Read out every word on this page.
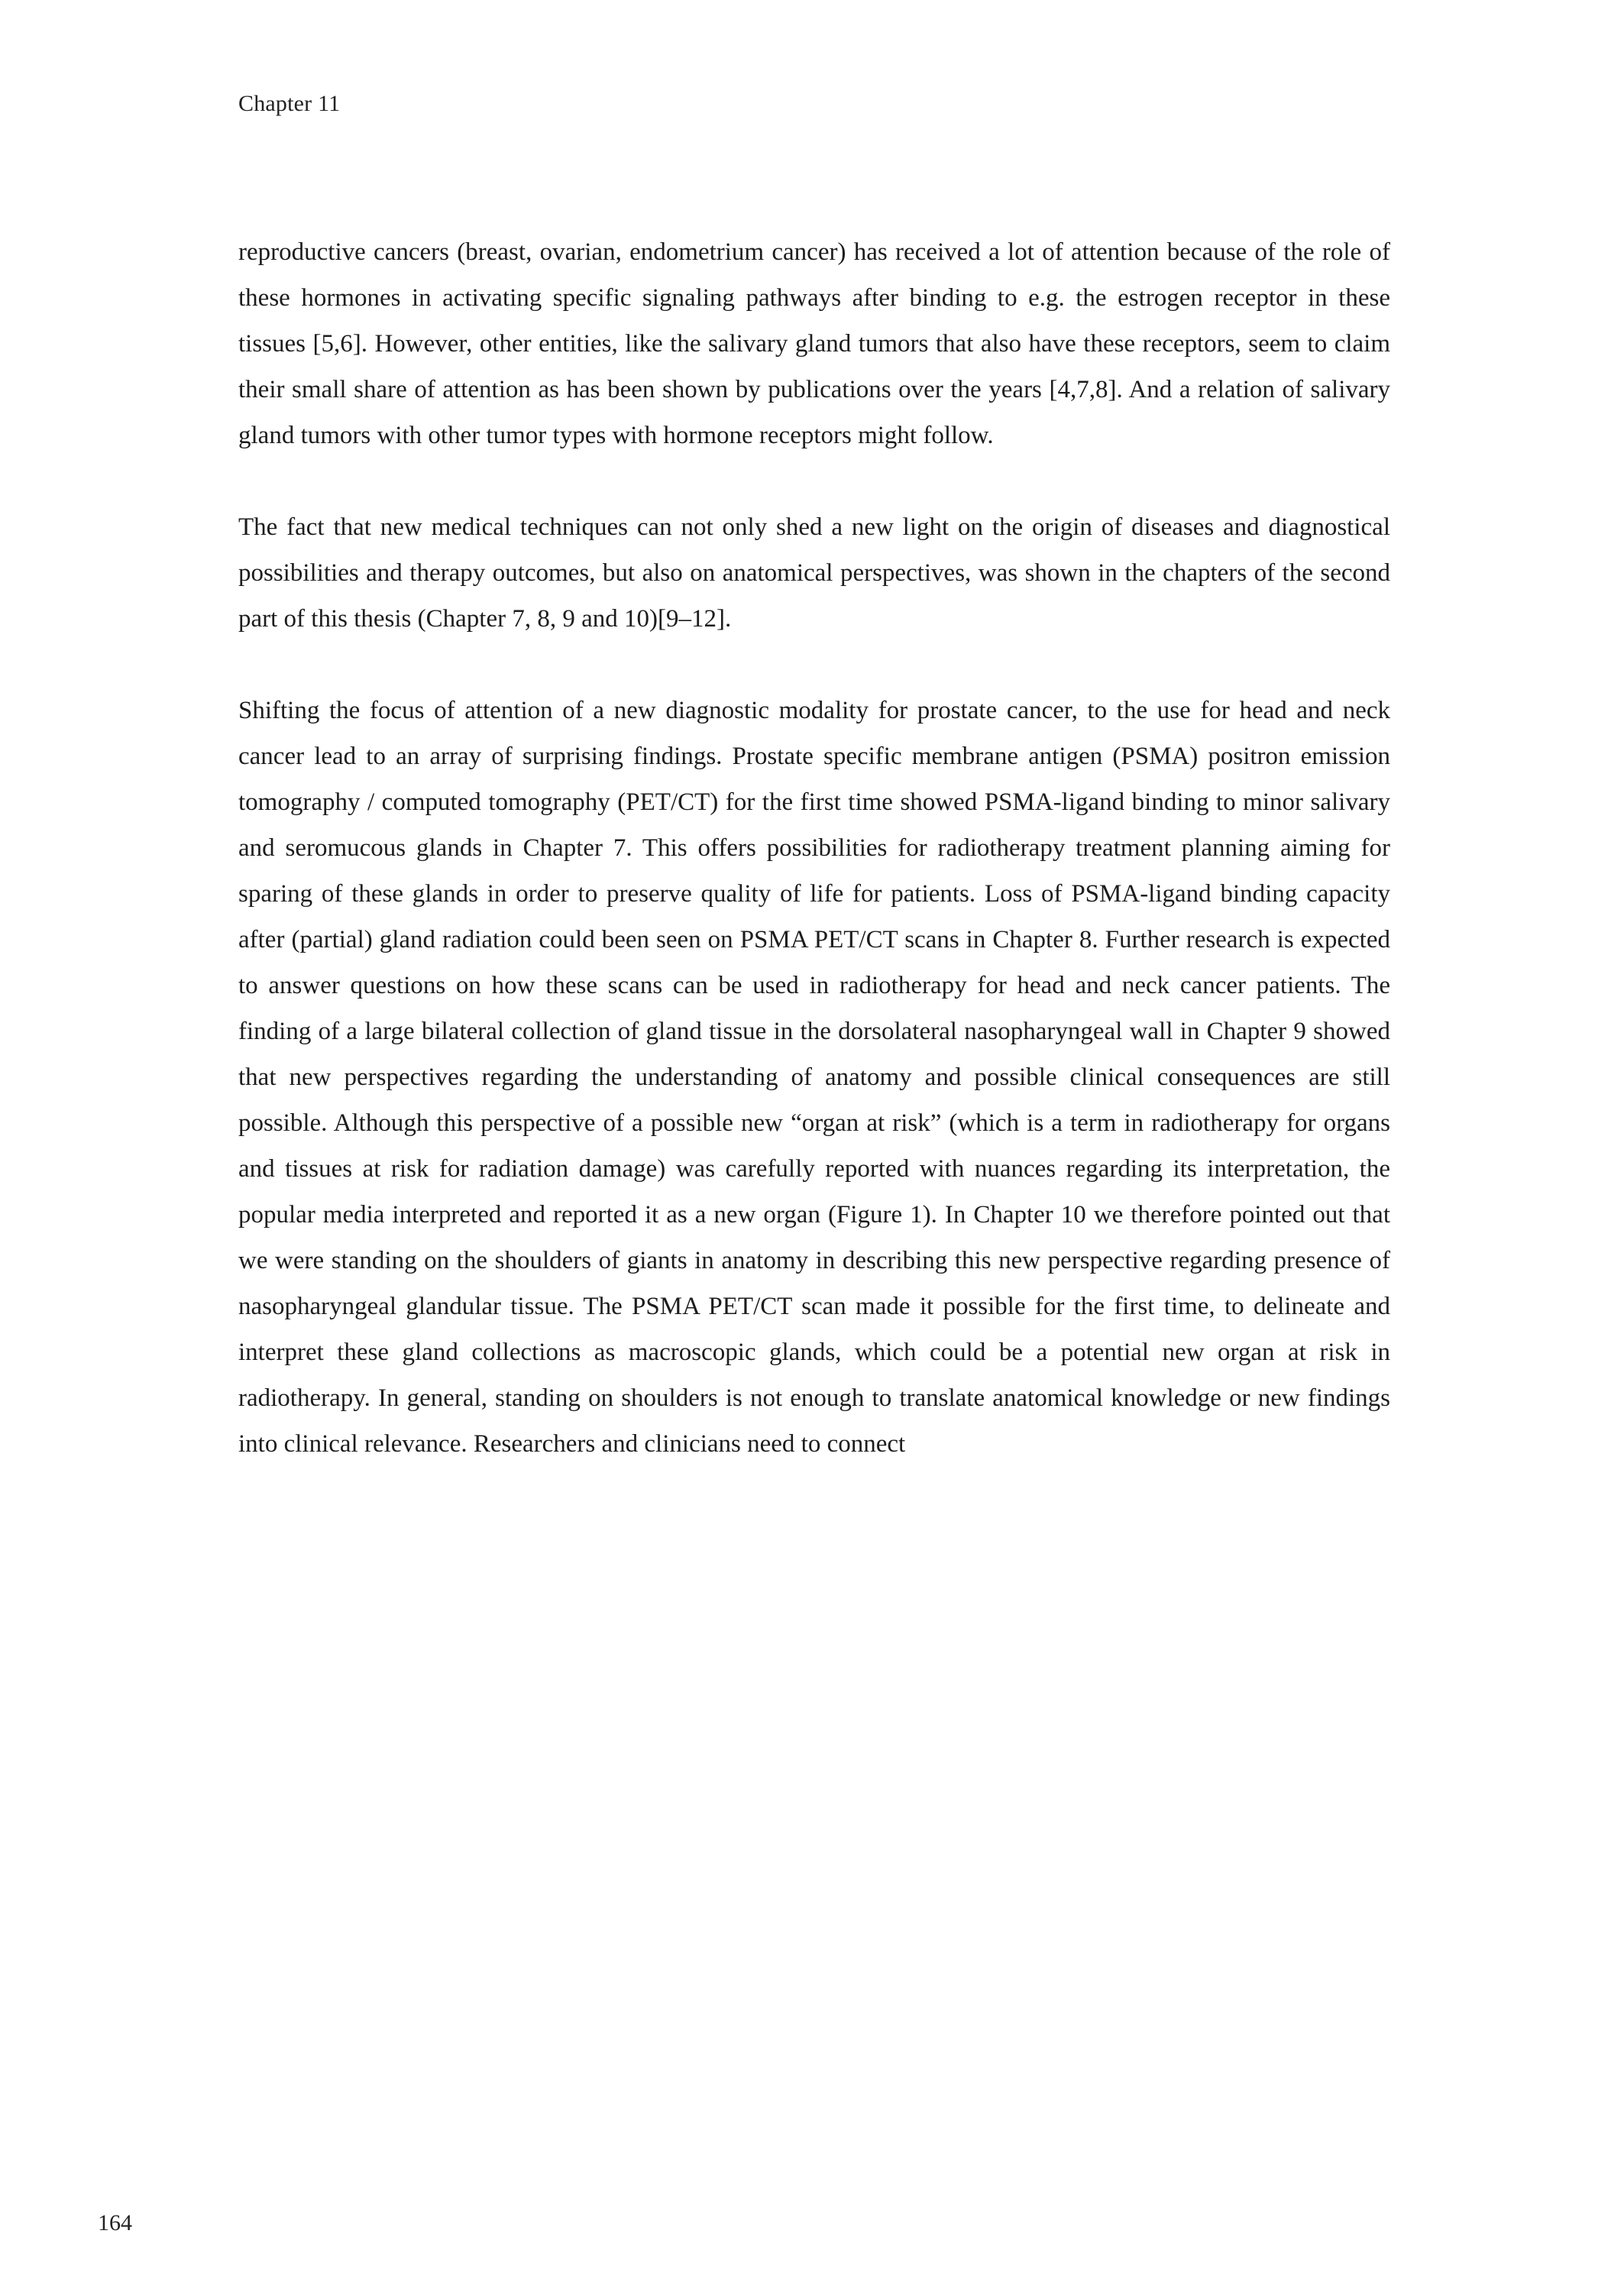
Chapter 11

reproductive cancers (breast, ovarian, endometrium cancer) has received a lot of attention because of the role of these hormones in activating specific signaling pathways after binding to e.g. the estrogen receptor in these tissues [5,6]. However, other entities, like the salivary gland tumors that also have these receptors, seem to claim their small share of attention as has been shown by publications over the years [4,7,8]. And a relation of salivary gland tumors with other tumor types with hormone receptors might follow.

The fact that new medical techniques can not only shed a new light on the origin of diseases and diagnostical possibilities and therapy outcomes, but also on anatomical perspectives, was shown in the chapters of the second part of this thesis (Chapter 7, 8, 9 and 10)[9–12].

Shifting the focus of attention of a new diagnostic modality for prostate cancer, to the use for head and neck cancer lead to an array of surprising findings. Prostate specific membrane antigen (PSMA) positron emission tomography / computed tomography (PET/CT) for the first time showed PSMA-ligand binding to minor salivary and seromucous glands in Chapter 7. This offers possibilities for radiotherapy treatment planning aiming for sparing of these glands in order to preserve quality of life for patients. Loss of PSMA-ligand binding capacity after (partial) gland radiation could been seen on PSMA PET/CT scans in Chapter 8. Further research is expected to answer questions on how these scans can be used in radiotherapy for head and neck cancer patients. The finding of a large bilateral collection of gland tissue in the dorsolateral nasopharyngeal wall in Chapter 9 showed that new perspectives regarding the understanding of anatomy and possible clinical consequences are still possible. Although this perspective of a possible new “organ at risk” (which is a term in radiotherapy for organs and tissues at risk for radiation damage) was carefully reported with nuances regarding its interpretation, the popular media interpreted and reported it as a new organ (Figure 1). In Chapter 10 we therefore pointed out that we were standing on the shoulders of giants in anatomy in describing this new perspective regarding presence of nasopharyngeal glandular tissue. The PSMA PET/CT scan made it possible for the first time, to delineate and interpret these gland collections as macroscopic glands, which could be a potential new organ at risk in radiotherapy. In general, standing on shoulders is not enough to translate anatomical knowledge or new findings into clinical relevance. Researchers and clinicians need to connect

164
